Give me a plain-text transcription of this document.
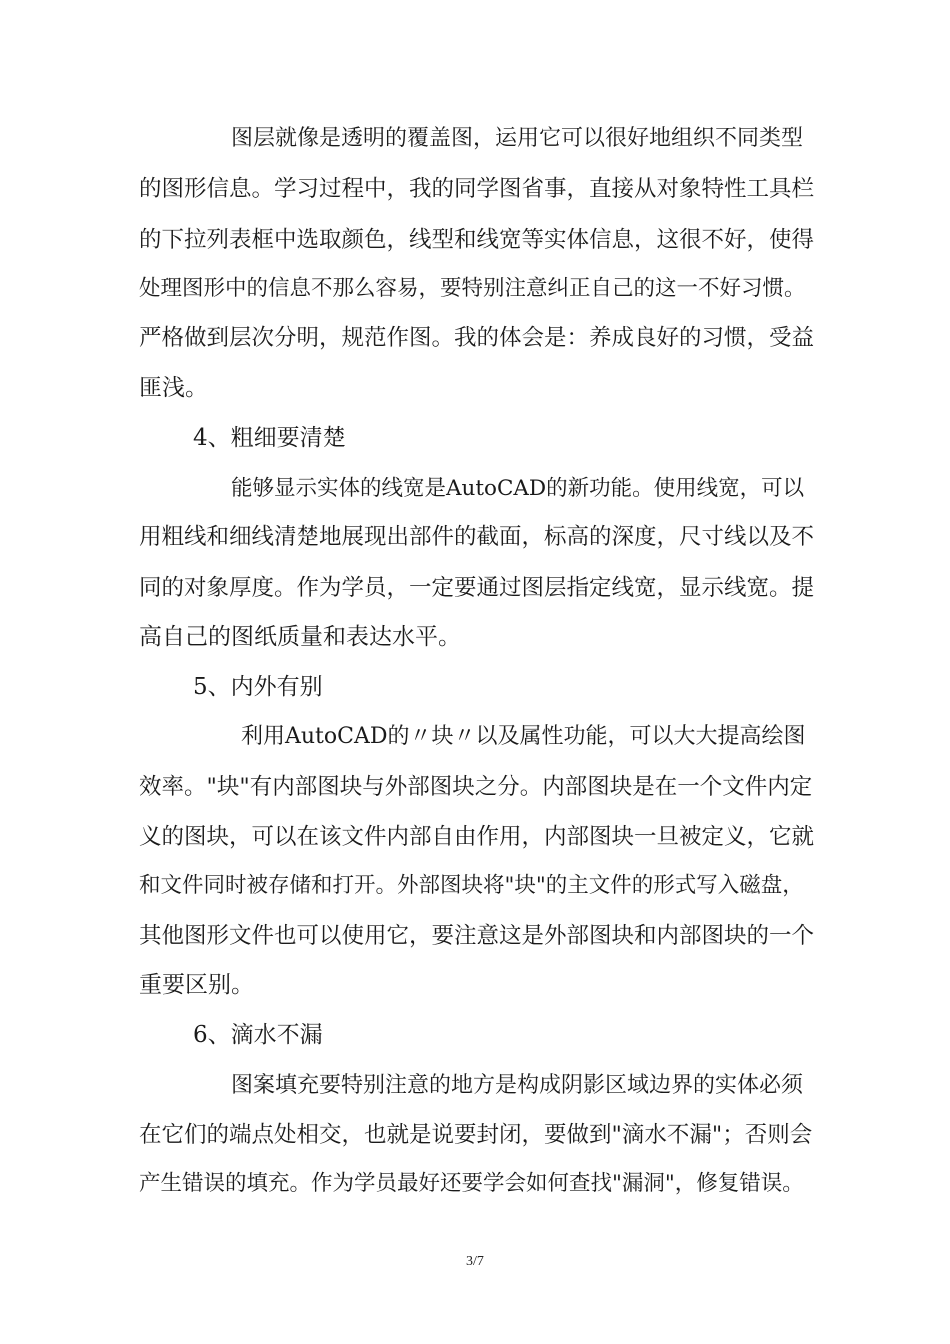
图层就像是透明的覆盖图，运用它可以很好地组织不同类型
的图形信息。学习过程中，我的同学图省事，直接从对象特性工具栏
的下拉列表框中选取颜色，线型和线宽等实体信息，这很不好，使得
处理图形中的信息不那么容易，要特别注意纠正自己的这一不好习惯。
严格做到层次分明，规范作图。我的体会是：养成良好的习惯，受益
匪浅。
4、粗细要清楚
能够显示实体的线宽是AutoCAD的新功能。使用线宽，可以
用粗线和细线清楚地展现出部件的截面，标高的深度，尺寸线以及不
同的对象厚度。作为学员，一定要通过图层指定线宽，显示线宽。提
高自己的图纸质量和表达水平。
5、内外有别
利用AutoCAD的〃块〃以及属性功能，可以大大提高绘图
效率。"块"有内部图块与外部图块之分。内部图块是在一个文件内定
义的图块，可以在该文件内部自由作用，内部图块一旦被定义，它就
和文件同时被存储和打开。外部图块将"块"的主文件的形式写入磁盘，
其他图形文件也可以使用它，要注意这是外部图块和内部图块的一个
重要区别。
6、滴水不漏
图案填充要特别注意的地方是构成阴影区域边界的实体必须
在它们的端点处相交，也就是说要封闭，要做到"滴水不漏"；否则会
产生错误的填充。作为学员最好还要学会如何查找"漏洞"，修复错误。
3/7
